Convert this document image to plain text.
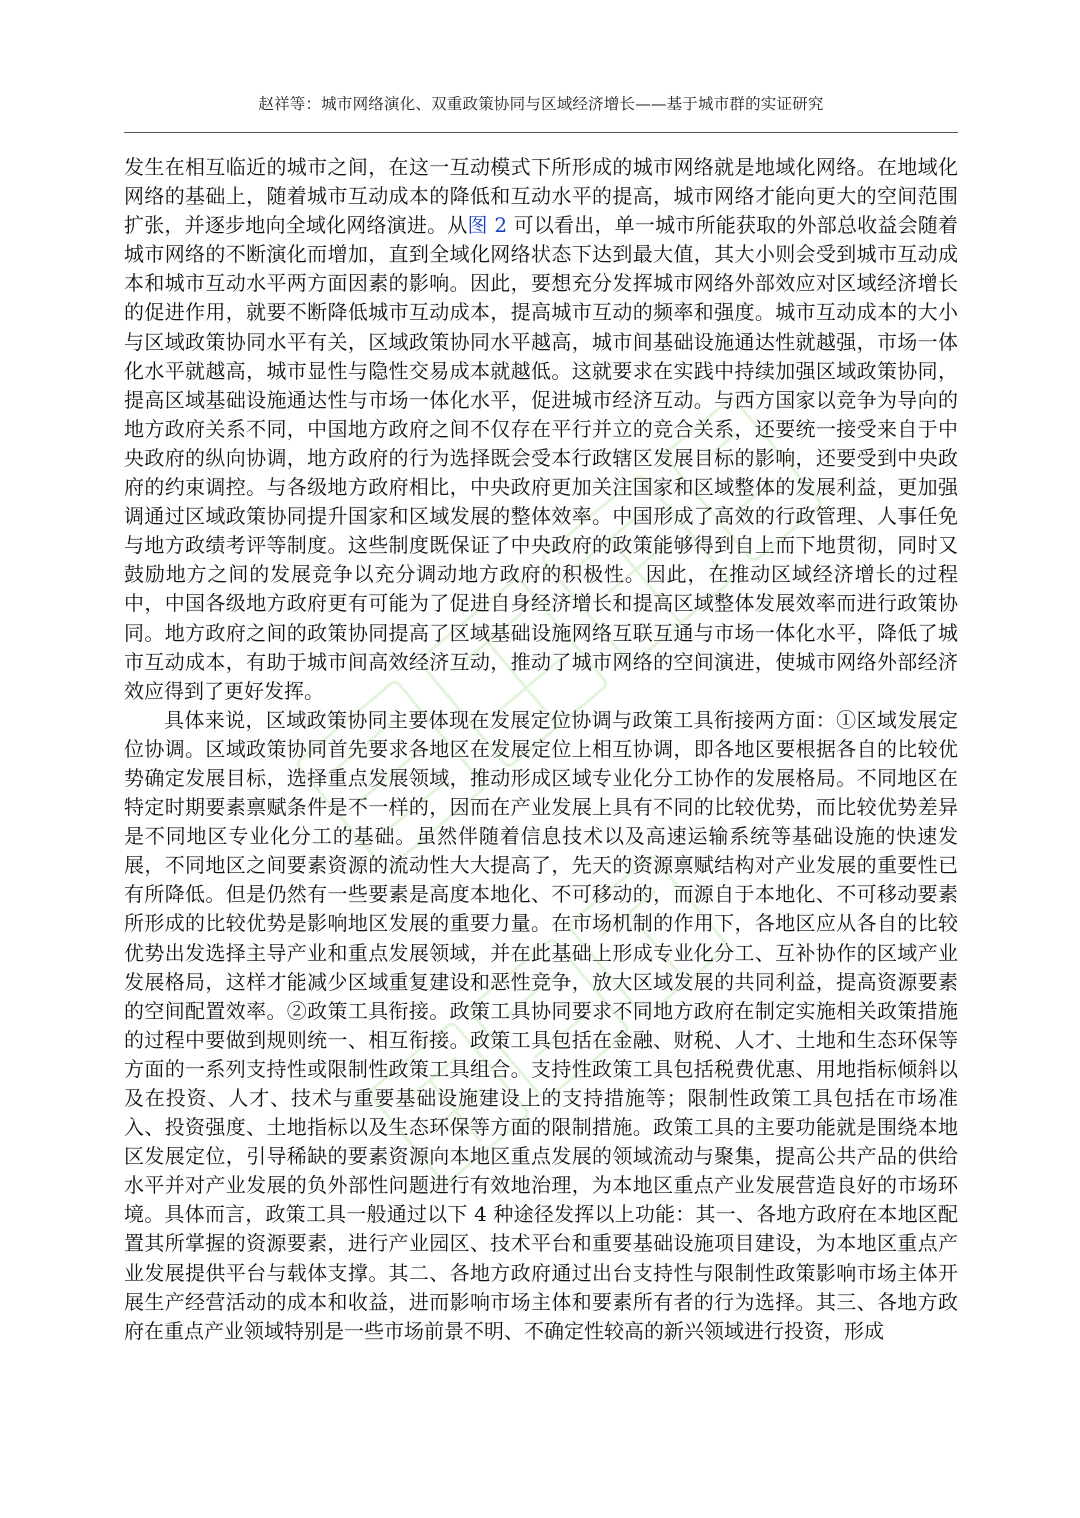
赵祥等：城市网络演化、双重政策协同与区域经济增长——基于城市群的实证研究

发生在相互临近的城市之间，在这一互动模式下所形成的城市网络就是地域化网络。在地域化网络的基础上，随着城市互动成本的降低和互动水平的提高，城市网络才能向更大的空间范围扩张，并逐步地向全域化网络演进。从图 2 可以看出，单一城市所能获取的外部总收益会随着城市网络的不断演化而增加，直到全域化网络状态下达到最大值，其大小则会受到城市互动成本和城市互动水平两方面因素的影响。因此，要想充分发挥城市网络外部效应对区域经济增长的促进作用，就要不断降低城市互动成本，提高城市互动的频率和强度。城市互动成本的大小与区域政策协同水平有关，区域政策协同水平越高，城市间基础设施通达性就越强，市场一体化水平就越高，城市显性与隐性交易成本就越低。这就要求在实践中持续加强区域政策协同，提高区域基础设施通达性与市场一体化水平，促进城市经济互动。与西方国家以竞争为导向的地方政府关系不同，中国地方政府之间不仅存在平行并立的竞合关系，还要统一接受来自于中央政府的纵向协调，地方政府的行为选择既会受本行政辖区发展目标的影响，还要受到中央政府的约束调控。与各级地方政府相比，中央政府更加关注国家和区域整体的发展利益，更加强调通过区域政策协同提升国家和区域发展的整体效率。中国形成了高效的行政管理、人事任免与地方政绩考评等制度。这些制度既保证了中央政府的政策能够得到自上而下地贯彻，同时又鼓励地方之间的发展竞争以充分调动地方政府的积极性。因此，在推动区域经济增长的过程中，中国各级地方政府更有可能为了促进自身经济增长和提高区域整体发展效率而进行政策协同。地方政府之间的政策协同提高了区域基础设施网络互联互通与市场一体化水平，降低了城市互动成本，有助于城市间高效经济互动，推动了城市网络的空间演进，使城市网络外部经济效应得到了更好发挥。

具体来说，区域政策协同主要体现在发展定位协调与政策工具衔接两方面：①区域发展定位协调。区域政策协同首先要求各地区在发展定位上相互协调，即各地区要根据各自的比较优势确定发展目标，选择重点发展领域，推动形成区域专业化分工协作的发展格局。不同地区在特定时期要素禀赋条件是不一样的，因而在产业发展上具有不同的比较优势，而比较优势差异是不同地区专业化分工的基础。虽然伴随着信息技术以及高速运输系统等基础设施的快速发展，不同地区之间要素资源的流动性大大提高了，先天的资源禀赋结构对产业发展的重要性已有所降低。但是仍然有一些要素是高度本地化、不可移动的，而源自于本地化、不可移动要素所形成的比较优势是影响地区发展的重要力量。在市场机制的作用下，各地区应从各自的比较优势出发选择主导产业和重点发展领域，并在此基础上形成专业化分工、互补协作的区域产业发展格局，这样才能减少区域重复建设和恶性竞争，放大区域发展的共同利益，提高资源要素的空间配置效率。②政策工具衔接。政策工具协同要求不同地方政府在制定实施相关政策措施的过程中要做到规则统一、相互衔接。政策工具包括在金融、财税、人才、土地和生态环保等方面的一系列支持性或限制性政策工具组合。支持性政策工具包括税费优惠、用地指标倾斜以及在投资、人才、技术与重要基础设施建设上的支持措施等；限制性政策工具包括在市场准入、投资强度、土地指标以及生态环保等方面的限制措施。政策工具的主要功能就是围绕本地区发展定位，引导稀缺的要素资源向本地区重点发展的领域流动与聚集，提高公共产品的供给水平并对产业发展的负外部性问题进行有效地治理，为本地区重点产业发展营造良好的市场环境。具体而言，政策工具一般通过以下 4 种途径发挥以上功能：其一、各地方政府在本地区配置其所掌握的资源要素，进行产业园区、技术平台和重要基础设施项目建设，为本地区重点产业发展提供平台与载体支撑。其二、各地方政府通过出台支持性与限制性政策影响市场主体开展生产经营活动的成本和收益，进而影响市场主体和要素所有者的行为选择。其三、各地方政府在重点产业领域特别是一些市场前景不明、不确定性较高的新兴领域进行投资，形成
